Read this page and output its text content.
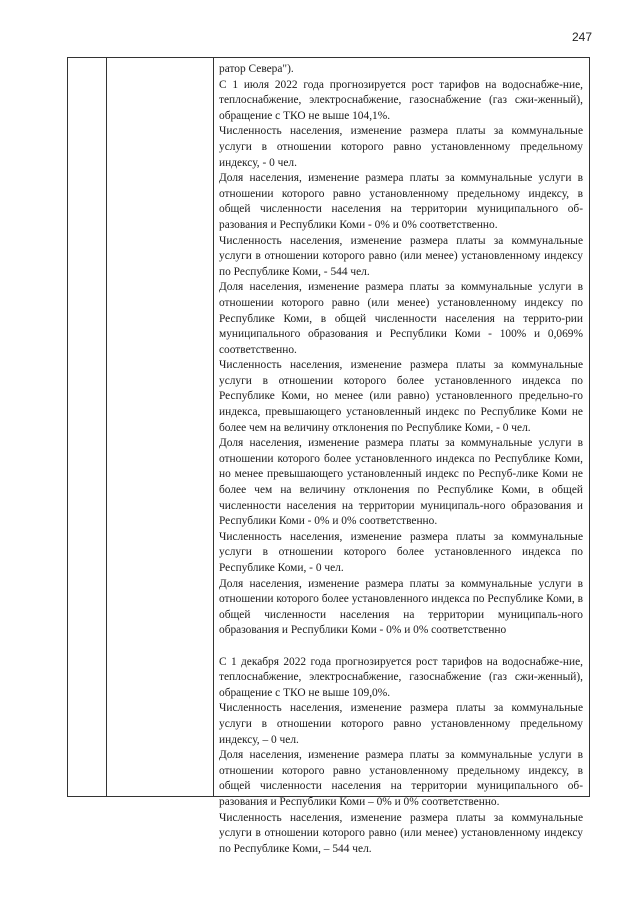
247

ратор Севера").

С 1 июля 2022 года прогнозируется рост тарифов на водоснабже-ние, теплоснабжение, электроснабжение, газоснабжение (газ сжи-женный), обращение с ТКО не выше 104,1%.

Численность населения, изменение размера платы за коммунальные услуги в отношении которого равно установленному предельному индексу, - 0 чел.

Доля населения, изменение размера платы за коммунальные услуги в отношении которого равно установленному предельному индексу, в общей численности населения на территории муниципального об-разования и Республики Коми - 0% и 0% соответственно.

Численность населения, изменение размера платы за коммунальные услуги в отношении которого равно (или менее) установленному индексу по Республике Коми, - 544 чел.

Доля населения, изменение размера платы за коммунальные услуги в отношении которого равно (или менее) установленному индексу по Республике Коми, в общей численности населения на террито-рии муниципального образования и Республики Коми - 100% и 0,069% соответственно.

Численность населения, изменение размера платы за коммунальные услуги в отношении которого более установленного индекса по Республике Коми, но менее (или равно) установленного предельно-го индекса, превышающего установленный индекс по Республике Коми не более чем на величину отклонения по Республике Коми, - 0 чел.

Доля населения, изменение размера платы за коммунальные услуги в отношении которого более установленного индекса по Республике Коми, но менее превышающего установленный индекс по Респуб-лике Коми не более чем на величину отклонения по Республике Коми, в общей численности населения на территории муниципаль-ного образования и Республики Коми - 0% и 0% соответственно.

Численность населения, изменение размера платы за коммунальные услуги в отношении которого более установленного индекса по Республике Коми, - 0 чел.

Доля населения, изменение размера платы за коммунальные услуги в отношении которого более установленного индекса по Республике Коми, в общей численности населения на территории муниципаль-ного образования и Республики Коми - 0% и 0% соответственно

С 1 декабря 2022 года прогнозируется рост тарифов на водоснабже-ние, теплоснабжение, электроснабжение, газоснабжение (газ сжи-женный), обращение с ТКО не выше 109,0%.

Численность населения, изменение размера платы за коммунальные услуги в отношении которого равно установленному предельному индексу, – 0 чел.

Доля населения, изменение размера платы за коммунальные услуги в отношении которого равно установленному предельному индексу, в общей численности населения на территории муниципального об-разования и Республики Коми – 0% и 0% соответственно.

Численность населения, изменение размера платы за коммунальные услуги в отношении которого равно (или менее) установленному индексу по Республике Коми, – 544 чел.
